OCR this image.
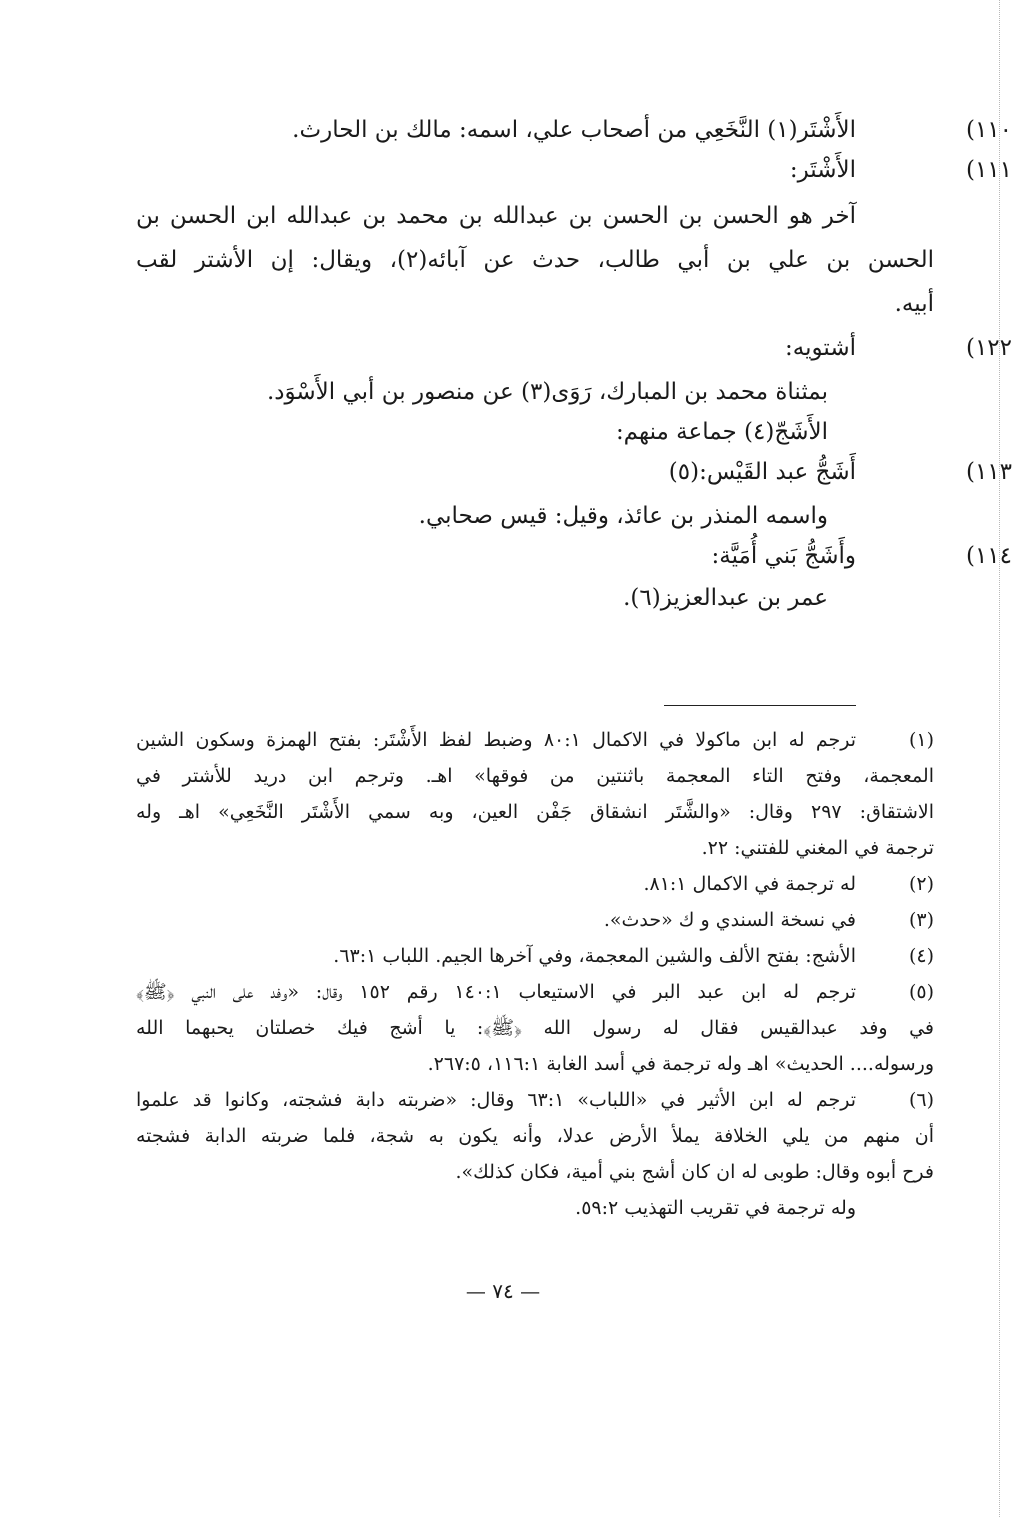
١١٠)الأَشْتَر(١) النَّخَعِي من أصحاب علي، اسمه: مالك بن الحارث.
١١١)الأَشْتَر:
آخر هو الحسن بن الحسن بن عبدالله بن محمد بن عبدالله ابن الحسن بن
الحسن بن علي بن أبي طالب، حدث عن آبائه(٢)، ويقال: إن الأشتر لقب
أبيه.
١٢٢)أشتويه:
بمثناة محمد بن المبارك، رَوَى(٣) عن منصور بن أبي الأَسْوَد.
الأَشَجّ(٤) جماعة منهم:
١١٣)أَشَجُّ عبد القَيْس:(٥)
واسمه المنذر بن عائذ، وقيل: قيس صحابي.
١١٤)وأَشَجُّ بَني أُمَيَّة:
عمر بن عبدالعزيز(٦).
(١)
ترجم له ابن ماكولا في الاكمال ٨٠:١ وضبط لفظ الأَشْتَر: بفتح الهمزة وسكون الشين
المعجمة، وفتح التاء المعجمة باثنتين من فوقها» اهـ. وترجم ابن دريد للأشتر في
الاشتقاق: ٢٩٧ وقال: «والشَّتَر انشقاق جَفْن العين، وبه سمي الأَشْتَر النَّخَعِي» اهـ وله
ترجمة في المغني للفتني: ٢٢.
(٢)
له ترجمة في الاكمال ٨١:١.
(٣)
في نسخة السندي و ك «حدث».
(٤)
الأشج: بفتح الألف والشين المعجمة، وفي آخرها الجيم. اللباب ٦٣:١.
(٥)
ترجم له ابن عبد البر في الاستيعاب ١٤٠:١ رقم ١٥٢ وقال: «وفد على النبي ﴿ﷺ﴾
في وفد عبدالقيس فقال له رسول الله ﴿ﷺ﴾: يا أشج فيك خصلتان يحبهما الله
ورسوله.... الحديث» اهـ وله ترجمة في أسد الغابة ١١٦:١، ٢٦٧:٥.
(٦)
ترجم له ابن الأثير في «اللباب» ٦٣:١ وقال: «ضربته دابة فشجته، وكانوا قد علموا
أن منهم من يلي الخلافة يملأ الأرض عدلا، وأنه يكون به شجة، فلما ضربته الدابة فشجته
فرح أبوه وقال: طوبى له ان كان أشج بني أمية، فكان كذلك».
وله ترجمة في تقريب التهذيب ٥٩:٢.
— ٧٤ —
